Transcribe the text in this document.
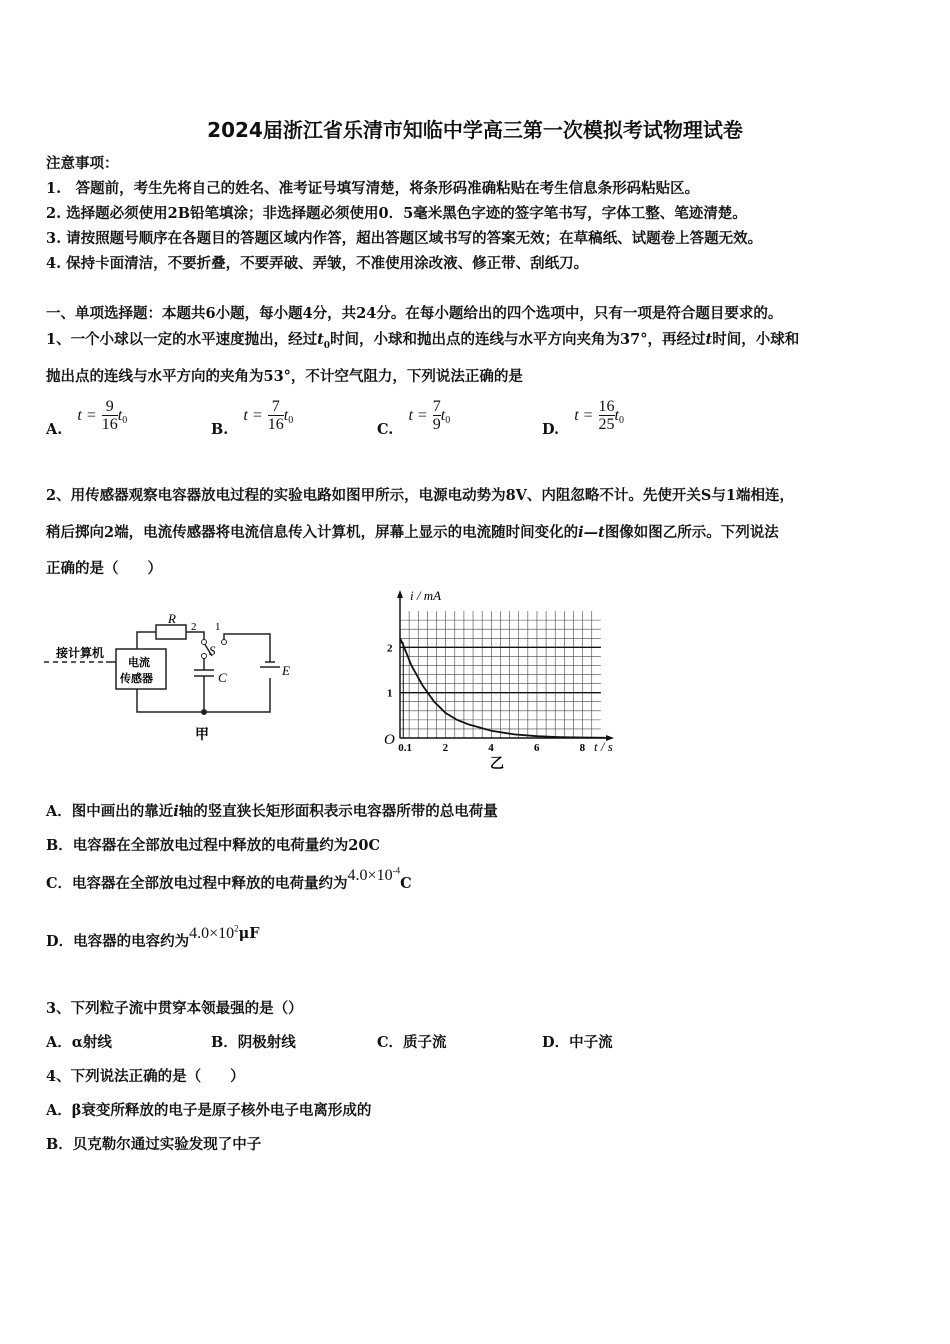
2024届浙江省乐清市知临中学高三第一次模拟考试物理试卷
注意事项：
1.　答题前，考生先将自己的姓名、准考证号填写清楚，将条形码准确粘贴在考生信息条形码粘贴区。
2. 选择题必须使用2B铅笔填涂；非选择题必须使用0．5毫米黑色字迹的签字笔书写，字体工整、笔迹清楚。
3. 请按照题号顺序在各题目的答题区域内作答，超出答题区域书写的答案无效；在草稿纸、试题卷上答题无效。
4. 保持卡面清洁，不要折叠，不要弄破、弄皱，不准使用涂改液、修正带、刮纸刀。
一、单项选择题：本题共6小题，每小题4分，共24分。在每小题给出的四个选项中，只有一项是符合题目要求的。
1、一个小球以一定的水平速度抛出，经过$t_0$时间，小球和抛出点的连线与水平方向夹角为37°，再经过t时间，小球和
抛出点的连线与水平方向的夹角为53°，不计空气阻力，下列说法正确的是
A. $t = \frac{9}{16} t_0$
B. $t = \frac{7}{16} t_0$
C. $t = \frac{7}{9} t_0$
D. $t = \frac{16}{25} t_0$
2、用传感器观察电容器放电过程的实验电路如图甲所示，电源电动势为8V、内阻忽略不计。先使开关S与1端相连，
稍后掷向2端，电流传感器将电流信息传入计算机，屏幕上显示的电流随时间变化的i—t图像如图乙所示。下列说法
正确的是（　　）
接计算机
电流
传感器
R
2 1
S
C	E
甲
0.1	2	4	6	8
1
2
i / mA
t / s
O
乙
A．图中画出的靠近i轴的竖直狭长矩形面积表示电容器所带的总电荷量
B．电容器在全部放电过程中释放的电荷量约为20C
C．电容器在全部放电过程中释放的电荷量约为$4.0\times 10^{-4}C$
D．电容器的电容约为$4.0\times 10^2\mu F$
3、下列粒子流中贯穿本领最强的是（）
A．α射线	B．阴极射线	C．质子流	D．中子流
4、下列说法正确的是（　　）
A．β衰变所释放的电子是原子核外电子电离形成的
B．贝克勒尔通过实验发现了中子
